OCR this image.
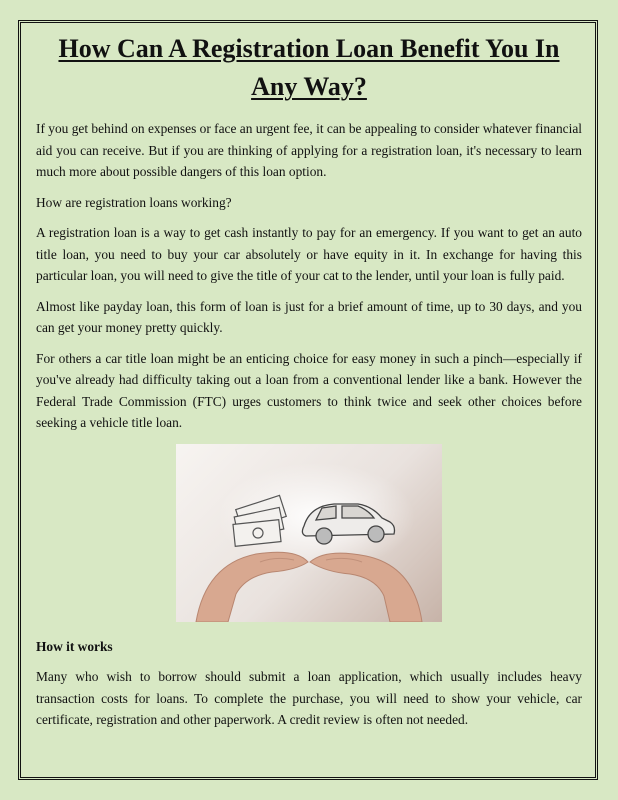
How Can A Registration Loan Benefit You In Any Way?

If you get behind on expenses or face an urgent fee, it can be appealing to consider whatever financial aid you can receive. But if you are thinking of applying for a registration loan, it's necessary to learn much more about possible dangers of this loan option.

How are registration loans working?

A registration loan is a way to get cash instantly to pay for an emergency. If you want to get an auto title loan, you need to buy your car absolutely or have equity in it. In exchange for having this particular loan, you will need to give the title of your cat to the lender, until your loan is fully paid.

Almost like payday loan, this form of loan is just for a brief amount of time, up to 30 days, and you can get your money pretty quickly.

For others a car title loan might be an enticing choice for easy money in such a pinch—especially if you've already had difficulty taking out a loan from a conventional lender like a bank. However the Federal Trade Commission (FTC) urges customers to think twice and seek other choices before seeking a vehicle title loan.

How it works

Many who wish to borrow should submit a loan application, which usually includes heavy transaction costs for loans. To complete the purchase, you will need to show your vehicle, car certificate, registration and other paperwork. A credit review is often not needed.
